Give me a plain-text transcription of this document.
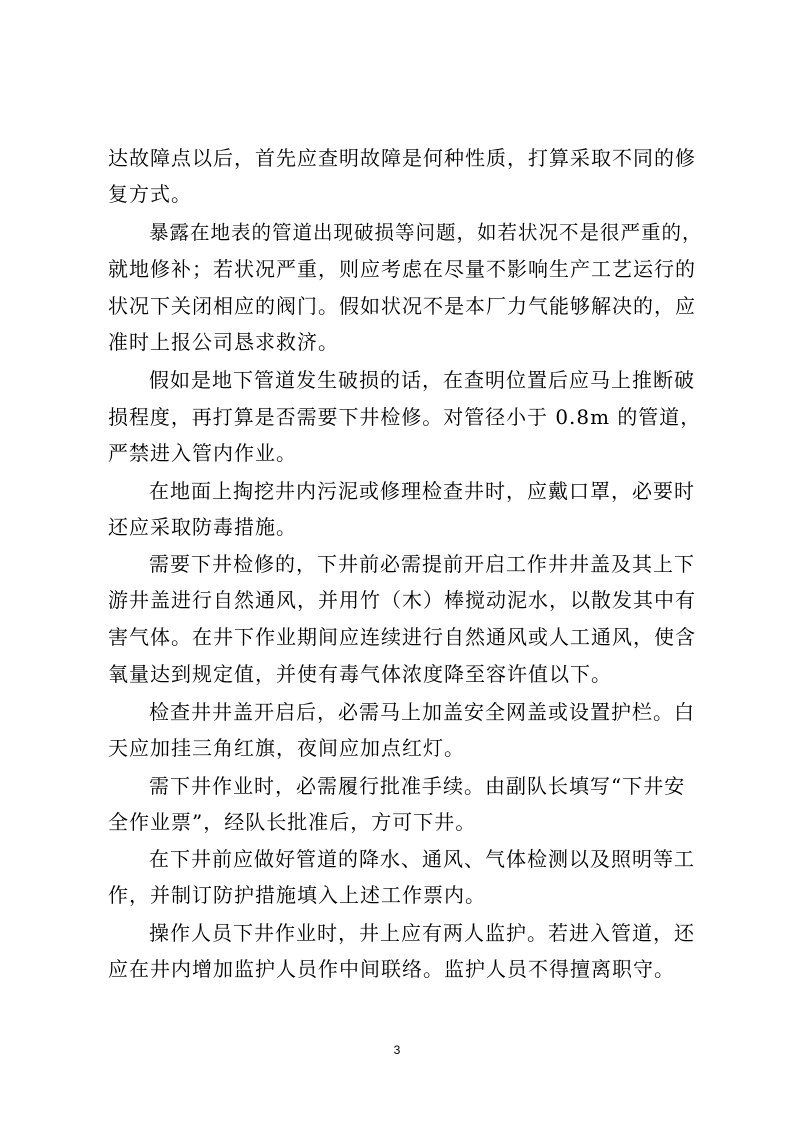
达故障点以后，首先应查明故障是何种性质，打算采取不同的修
复方式。
暴露在地表的管道出现破损等问题，如若状况不是很严重的，
就地修补；若状况严重，则应考虑在尽量不影响生产工艺运行的
状况下关闭相应的阀门。假如状况不是本厂力气能够解决的，应
准时上报公司恳求救济。
假如是地下管道发生破损的话，在查明位置后应马上推断破
损程度，再打算是否需要下井检修。对管径小于 0.8m 的管道，
严禁进入管内作业。
在地面上掏挖井内污泥或修理检查井时，应戴口罩，必要时
还应采取防毒措施。
需要下井检修的，下井前必需提前开启工作井井盖及其上下
游井盖进行自然通风，并用竹（木）棒搅动泥水，以散发其中有
害气体。在井下作业期间应连续进行自然通风或人工通风，使含
氧量达到规定值，并使有毒气体浓度降至容许值以下。
检查井井盖开启后，必需马上加盖安全网盖或设置护栏。白
天应加挂三角红旗，夜间应加点红灯。
需下井作业时，必需履行批准手续。由副队长填写“下井安
全作业票”，经队长批准后，方可下井。
在下井前应做好管道的降水、通风、气体检测以及照明等工
作，并制订防护措施填入上述工作票内。
操作人员下井作业时，井上应有两人监护。若进入管道，还
应在井内增加监护人员作中间联络。监护人员不得擅离职守。
3
